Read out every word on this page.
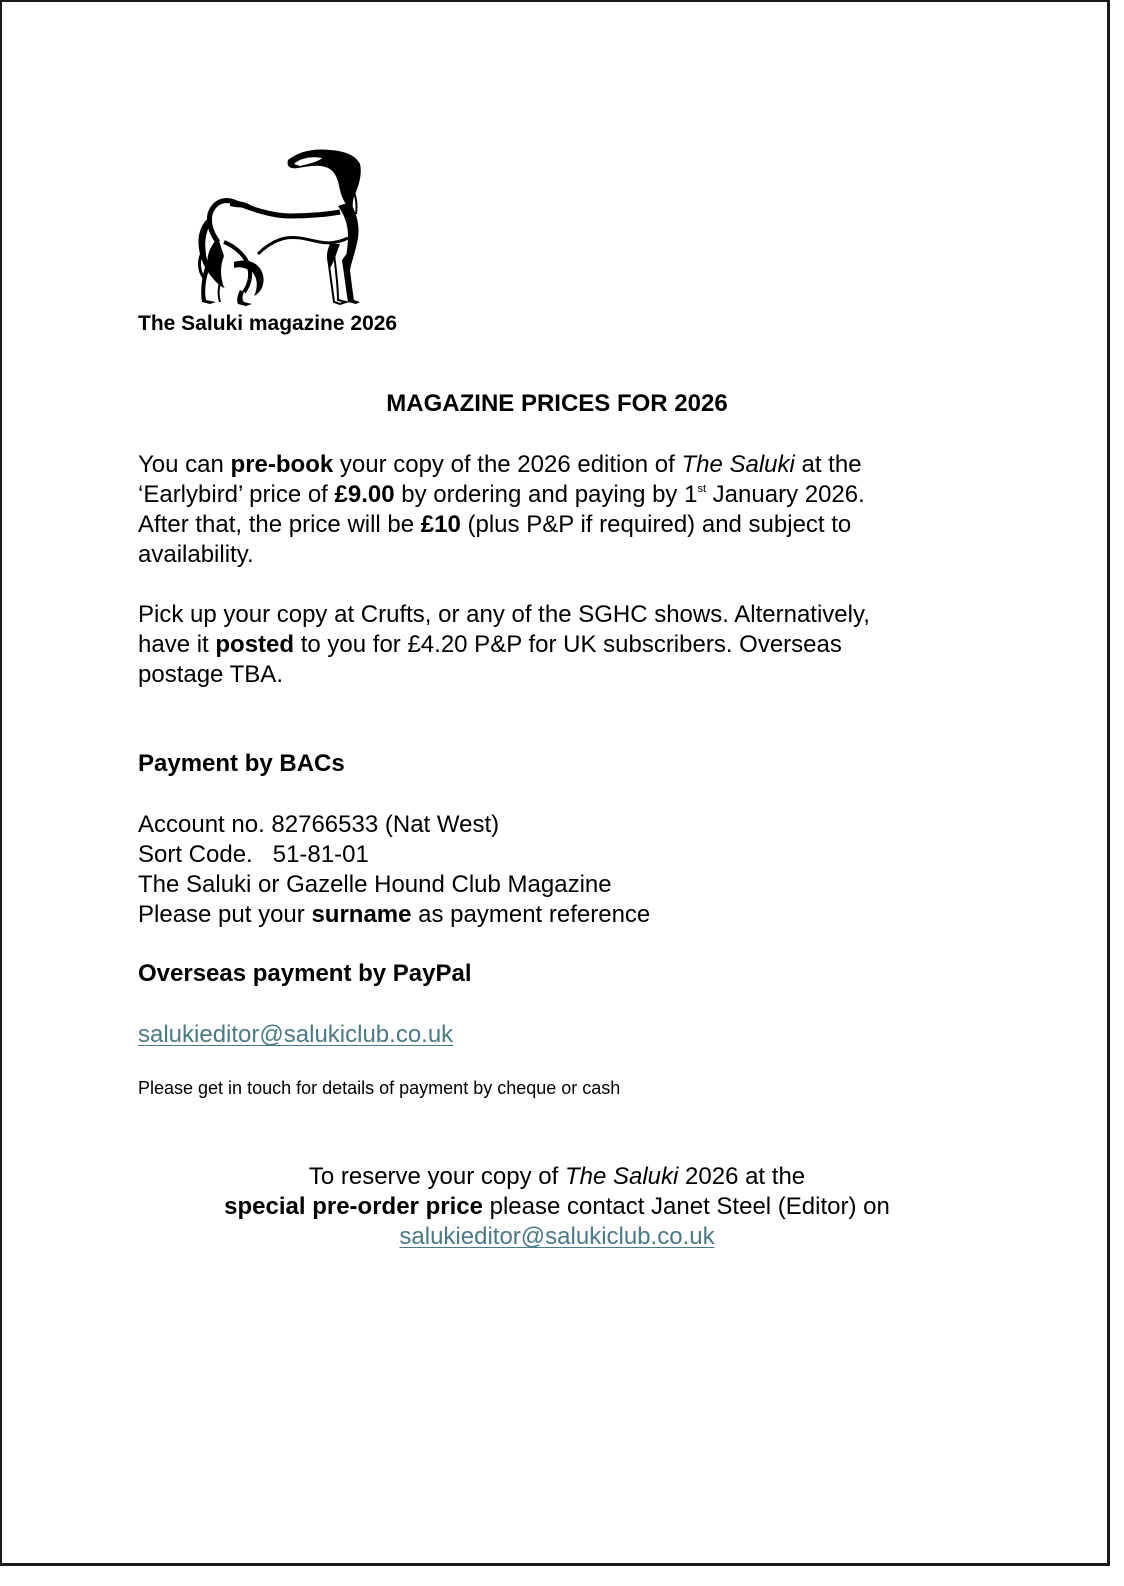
The Saluki magazine 2026
MAGAZINE PRICES FOR 2026
You can pre-book your copy of the 2026 edition of The Saluki at the
‘Earlybird’ price of £9.00 by ordering and paying by 1st January 2026.
After that, the price will be £10 (plus P&P if required) and subject to
availability.
Pick up your copy at Crufts, or any of the SGHC shows. Alternatively,
have it posted to you for £4.20 P&P for UK subscribers. Overseas
postage TBA.
Payment by BACs
Account no. 82766533 (Nat West)
Sort Code.   51-81-01
The Saluki or Gazelle Hound Club Magazine
Please put your surname as payment reference
Overseas payment by PayPal
salukieditor@salukiclub.co.uk
Please get in touch for details of payment by cheque or cash
To reserve your copy of The Saluki 2026 at the
special pre-order price please contact Janet Steel (Editor) on
salukieditor@salukiclub.co.uk
